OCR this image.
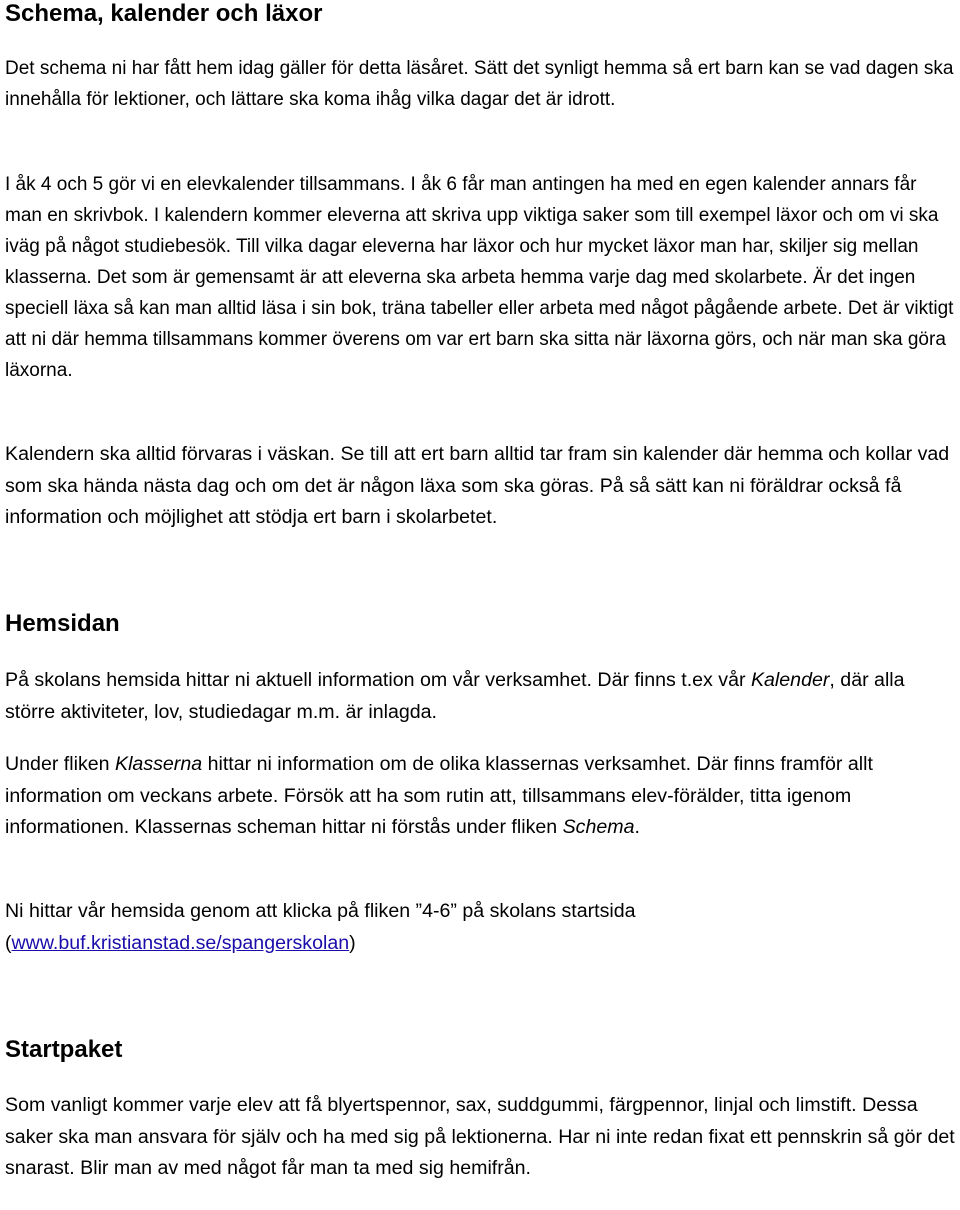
Schema, kalender och läxor

Det schema ni har fått hem idag gäller för detta läsåret. Sätt det synligt hemma så ert barn kan se vad dagen ska innehålla för lektioner, och lättare ska koma ihåg vilka dagar det är idrott.

I åk 4 och 5 gör vi en elevkalender tillsammans. I åk 6 får man antingen ha med en egen kalender annars får man en skrivbok. I kalendern kommer eleverna att skriva upp viktiga saker som till exempel läxor och om vi ska iväg på något studiebesök. Till vilka dagar eleverna har läxor och hur mycket läxor man har, skiljer sig mellan klasserna. Det som är gemensamt är att eleverna ska arbeta hemma varje dag med skolarbete. Är det ingen speciell läxa så kan man alltid läsa i sin bok, träna tabeller eller arbeta med något pågående arbete. Det är viktigt att ni där hemma tillsammans kommer överens om var ert barn ska sitta när läxorna görs, och när man ska göra läxorna.

Kalendern ska alltid förvaras i väskan. Se till att ert barn alltid tar fram sin kalender där hemma och kollar vad som ska hända nästa dag och om det är någon läxa som ska göras. På så sätt kan ni föräldrar också få information och möjlighet att stödja ert barn i skolarbetet.

Hemsidan

På skolans hemsida hittar ni aktuell information om vår verksamhet. Där finns t.ex vår Kalender, där alla större aktiviteter, lov, studiedagar m.m. är inlagda.

Under fliken Klasserna hittar ni information om de olika klassernas verksamhet. Där finns framför allt information om veckans arbete. Försök att ha som rutin att, tillsammans elev-förälder, titta igenom informationen. Klassernas scheman hittar ni förstås under fliken Schema.

Ni hittar vår hemsida genom att klicka på fliken ”4-6” på skolans startsida (www.buf.kristianstad.se/spangerskolan)

Startpaket

Som vanligt kommer varje elev att få blyertspennor, sax, suddgummi, färgpennor, linjal och limstift. Dessa saker ska man ansvara för själv och ha med sig på lektionerna. Har ni inte redan fixat ett pennskrin så gör det snarast. Blir man av med något får man ta med sig hemifrån.
